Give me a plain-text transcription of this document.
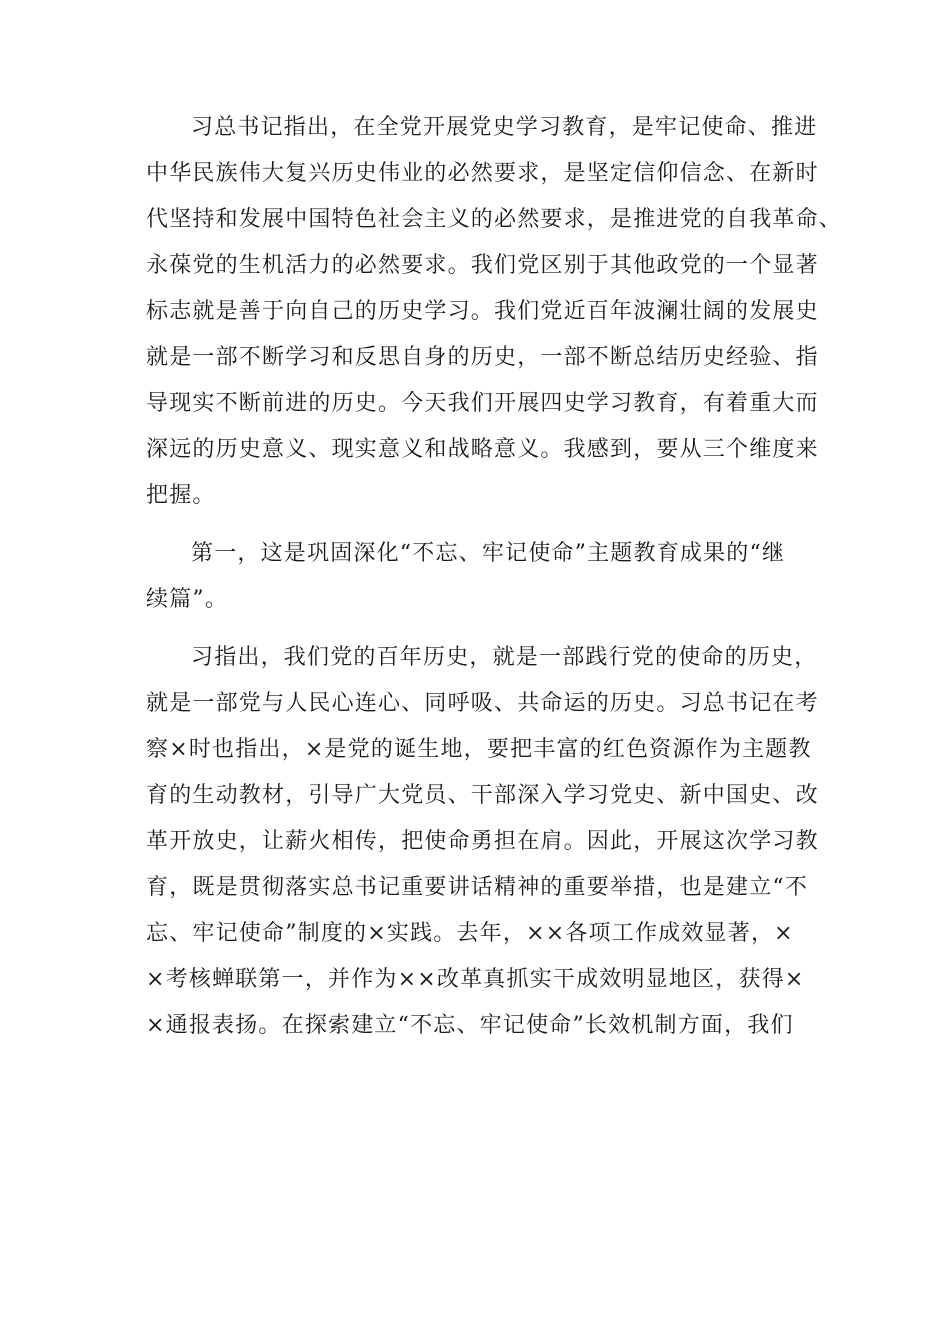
习总书记指出，在全党开展党史学习教育，是牢记使命、推进
中华民族伟大复兴历史伟业的必然要求，是坚定信仰信念、在新时
代坚持和发展中国特色社会主义的必然要求，是推进党的自我革命、
永葆党的生机活力的必然要求。我们党区别于其他政党的一个显著
标志就是善于向自己的历史学习。我们党近百年波澜壮阔的发展史
就是一部不断学习和反思自身的历史，一部不断总结历史经验、指
导现实不断前进的历史。今天我们开展四史学习教育，有着重大而
深远的历史意义、现实意义和战略意义。我感到，要从三个维度来
把握。

第一，这是巩固深化“不忘、牢记使命”主题教育成果的“继
续篇”。

习指出，我们党的百年历史，就是一部践行党的使命的历史，
就是一部党与人民心连心、同呼吸、共命运的历史。习总书记在考
察×时也指出，×是党的诞生地，要把丰富的红色资源作为主题教
育的生动教材，引导广大党员、干部深入学习党史、新中国史、改
革开放史，让薪火相传，把使命勇担在肩。因此，开展这次学习教
育，既是贯彻落实总书记重要讲话精神的重要举措，也是建立“不
忘、牢记使命”制度的×实践。去年，××各项工作成效显著，×
×考核蝉联第一，并作为××改革真抓实干成效明显地区，获得×
×通报表扬。在探索建立“不忘、牢记使命”长效机制方面，我们
